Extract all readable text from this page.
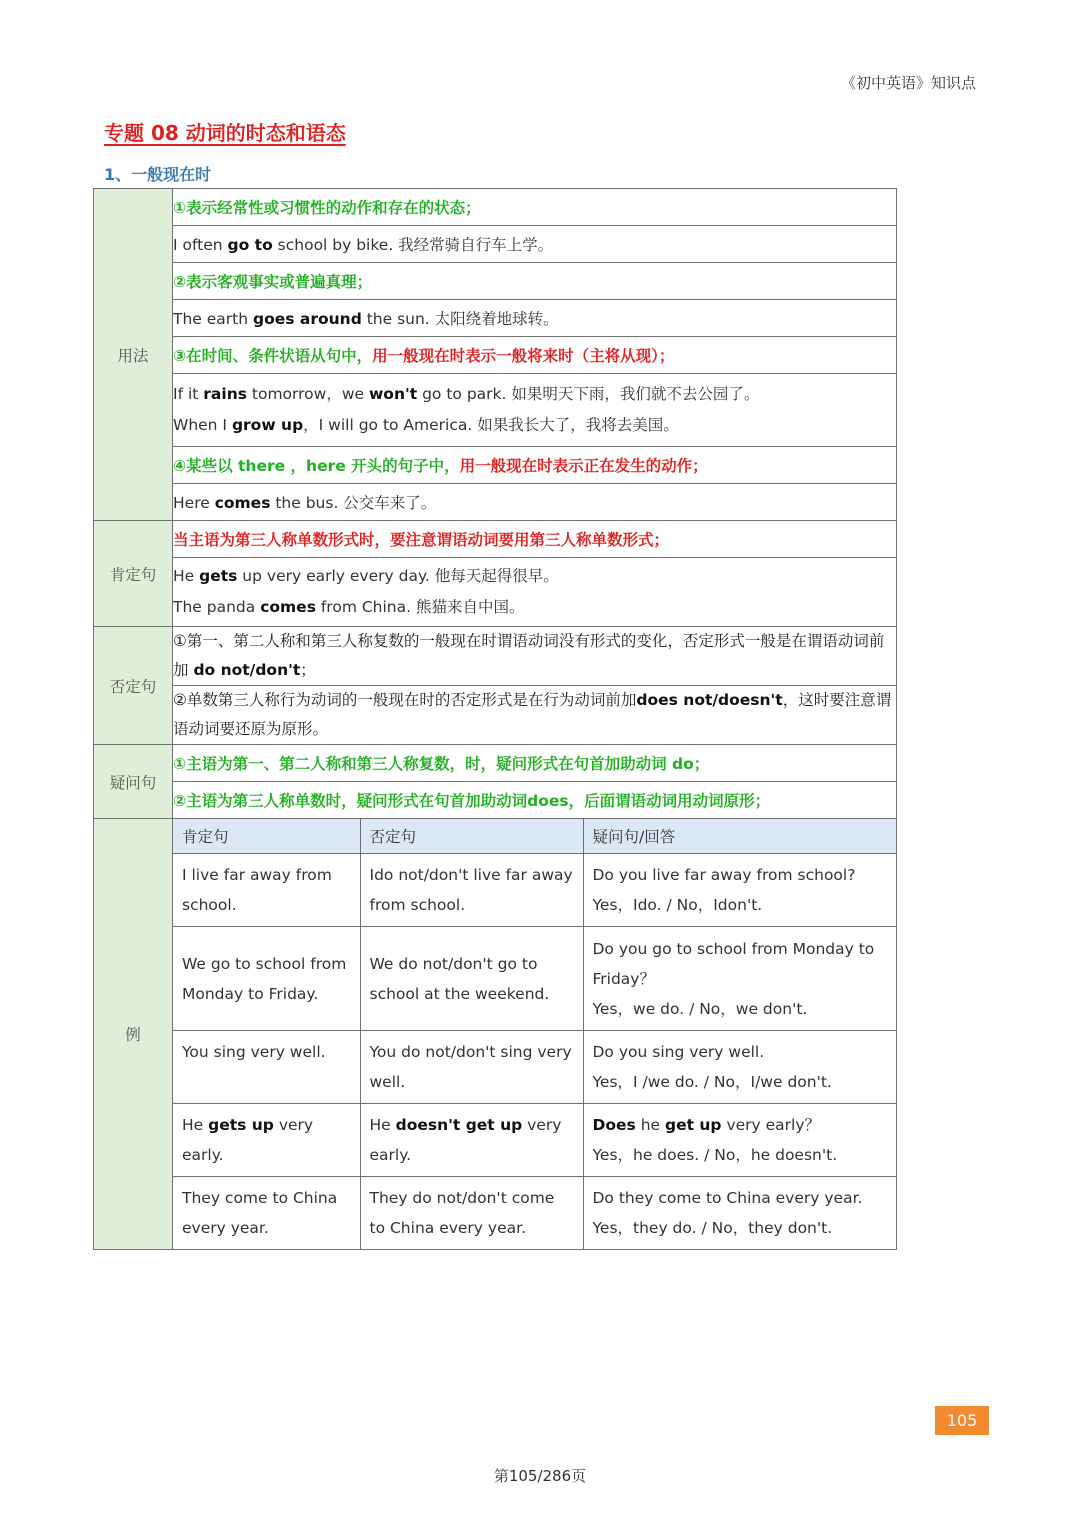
《初中英语》知识点
专题 08 动词的时态和语态
1、一般现在时
用法	①表示经常性或习惯性的动作和存在的状态；
I often go to school by bike. 我经常骑自行车上学。
②表示客观事实或普遍真理；
The earth goes around the sun. 太阳绕着地球转。
③在时间、条件状语从句中，用一般现在时表示一般将来时（主将从现）；

If it rains tomorrow，we won't go to park. 如果明天下雨，我们就不去公园了。
When I grow up，I will go to America. 如果我长大了，我将去美国。

④某些以 there ，here 开头的句子中，用一般现在时表示正在发生的动作；
Here comes the bus. 公交车来了。
肯定句	当主语为第三人称单数形式时，要注意谓语动词要用第三人称单数形式；

He gets up very early every day. 他每天起得很早。
The panda comes from China. 熊猫来自中国。

否定句	①第一、第二人称和第三人称复数的一般现在时谓语动词没有形式的变化，否定形式一般是在谓语动词前加 do not/don't；
②单数第三人称行为动词的一般现在时的否定形式是在行为动词前加does not/doesn't，这时要注意谓语动词要还原为原形。
疑问句	①主语为第一、第二人称和第三人称复数，时，疑问形式在句首加助动词 do；
②主语为第三人称单数时，疑问形式在句首加助动词does，后面谓语动词用动词原形；
例	
肯定句	否定句	疑问句/回答
I live far away from school.	Ido not/don't live far away from school.	
Do you live far away from school?
Yes，Ido. / No，Idon't.

We go to school from Monday to Friday.	We do not/don't go to school at the weekend.	
Do you go to school from Monday to Friday？
Yes，we do. / No，we don't.

You sing very well.	You do not/don't sing very well.	
Do you sing very well.
Yes，I /we do. / No，I/we don't.

He gets up very early.	He doesn't get up very early.	
Does he get up very early？
Yes，he does. / No，he doesn't.

They come to China every year.	They do not/don't come to China every year.	
Do they come to China every year.
Yes，they do. / No，they don't.
105
第105/286页
